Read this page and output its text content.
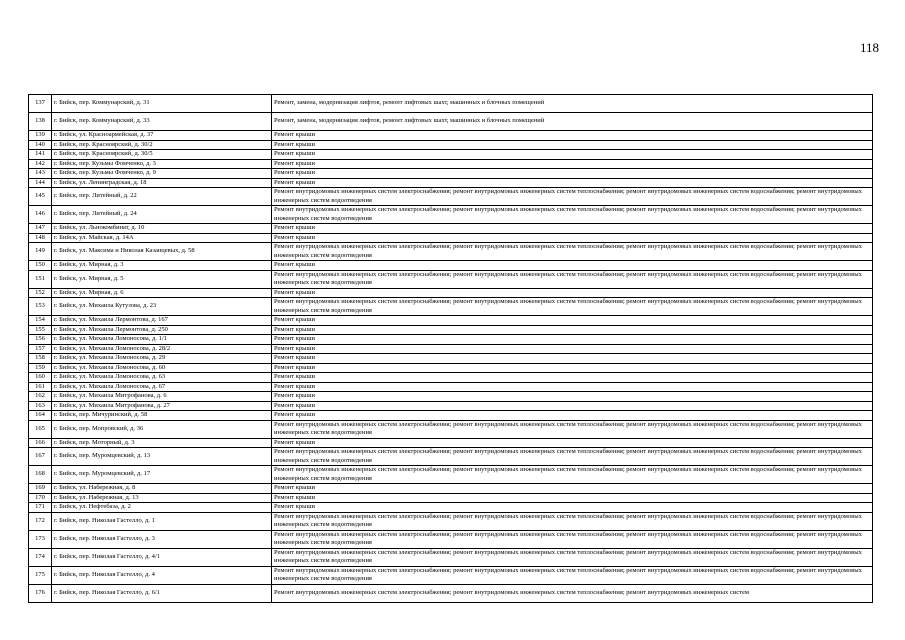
118
137	г. Бийск, пер. Коммунарский, д. 31	Ремонт, замена, модернизация лифтов, ремонт лифтовых шахт, машинных и блочных помещений
138	г. Бийск, пер. Коммунарский, д. 33	Ремонт, замена, модернизация лифтов, ремонт лифтовых шахт, машинных и блочных помещений
139	г. Бийск, ул. Красноармейская, д. 37	Ремонт крыши
140	г. Бийск, пер. Красноярский, д. 30/2	Ремонт крыши
141	г. Бийск, пер. Красноярский, д. 30/5	Ремонт крыши
142	г. Бийск, пер. Кузьмы Фомченко, д. 3	Ремонт крыши
143	г. Бийск, пер. Кузьмы Фомченко, д. 9	Ремонт крыши
144	г. Бийск, ул. Ленинградская, д. 18	Ремонт крыши
145	г. Бийск, пер. Литейный, д. 22	Ремонт внутридомовых инженерных систем электроснабжения; ремонт внутридомовых инженерных систем теплоснабжения; ремонт внутридомовых инженерных систем водоснабжения; ремонт внутридомовых инженерных систем водоотведения
146	г. Бийск, пер. Литейный, д. 24	Ремонт внутридомовых инженерных систем электроснабжения; ремонт внутридомовых инженерных систем теплоснабжения; ремонт внутридомовых инженерных систем водоснабжения; ремонт внутридомовых инженерных систем водоотведения
147	г. Бийск, ул. Льнокомбинат, д. 10	Ремонт крыши
148	г. Бийск, ул. Майская, д. 14А	Ремонт крыши
149	г. Бийск, ул. Максима и Николая Казанцевых, д. 58	Ремонт внутридомовых инженерных систем электроснабжения; ремонт внутридомовых инженерных систем теплоснабжения; ремонт внутридомовых инженерных систем водоснабжения; ремонт внутридомовых инженерных систем водоотведения
150	г. Бийск, ул. Мирная, д. 3	Ремонт крыши
151	г. Бийск, ул. Мирная, д. 5	Ремонт внутридомовых инженерных систем электроснабжения; ремонт внутридомовых инженерных систем теплоснабжения; ремонт внутридомовых инженерных систем водоснабжения; ремонт внутридомовых инженерных систем водоотведения
152	г. Бийск, ул. Мирная, д. 6	Ремонт крыши
153	г. Бийск, ул. Михаила Кутузова, д. 23	Ремонт внутридомовых инженерных систем электроснабжения; ремонт внутридомовых инженерных систем теплоснабжения; ремонт внутридомовых инженерных систем водоснабжения; ремонт внутридомовых инженерных систем водоотведения
154	г. Бийск, ул. Михаила Лермонтова, д. 167	Ремонт крыши
155	г. Бийск, ул. Михаила Лермонтова, д. 250	Ремонт крыши
156	г. Бийск, ул. Михаила Ломоносова, д. 1/1	Ремонт крыши
157	г. Бийск, ул. Михаила Ломоносова, д. 28/2	Ремонт крыши
158	г. Бийск, ул. Михаила Ломоносова, д. 29	Ремонт крыши
159	г. Бийск, ул. Михаила Ломоносова, д. 60	Ремонт крыши
160	г. Бийск, ул. Михаила Ломоносова, д. 63	Ремонт крыши
161	г. Бийск, ул. Михаила Ломоносова, д. 67	Ремонт крыши
162	г. Бийск, ул. Михаила Митрофанова, д. 6	Ремонт крыши
163	г. Бийск, ул. Михаила Митрофанова, д. 27	Ремонт крыши
164	г. Бийск, пер. Мичуринский, д. 58	Ремонт крыши
165	г. Бийск, пер. Мопровский, д. 36	Ремонт внутридомовых инженерных систем электроснабжения; ремонт внутридомовых инженерных систем теплоснабжения; ремонт внутридомовых инженерных систем водоснабжения; ремонт внутридомовых инженерных систем водоотведения
166	г. Бийск, пер. Моторный, д. 3	Ремонт крыши
167	г. Бийск, пер. Муромцевский, д. 13	Ремонт внутридомовых инженерных систем электроснабжения; ремонт внутридомовых инженерных систем теплоснабжения; ремонт внутридомовых инженерных систем водоснабжения; ремонт внутридомовых инженерных систем водоотведения
168	г. Бийск, пер. Муромцевский, д. 17	Ремонт внутридомовых инженерных систем электроснабжения; ремонт внутридомовых инженерных систем теплоснабжения; ремонт внутридомовых инженерных систем водоснабжения; ремонт внутридомовых инженерных систем водоотведения
169	г. Бийск, ул. Набережная, д. 8	Ремонт крыши
170	г. Бийск, ул. Набережная, д. 13	Ремонт крыши
171	г. Бийск, ул. Нефтебаза, д. 2	Ремонт крыши
172	г. Бийск, пер. Николая Гастелло, д. 1	Ремонт внутридомовых инженерных систем электроснабжения; ремонт внутридомовых инженерных систем теплоснабжения; ремонт внутридомовых инженерных систем водоснабжения; ремонт внутридомовых инженерных систем водоотведения
173	г. Бийск, пер. Николая Гастелло, д. 3	Ремонт внутридомовых инженерных систем электроснабжения; ремонт внутридомовых инженерных систем теплоснабжения; ремонт внутридомовых инженерных систем водоснабжения; ремонт внутридомовых инженерных систем водоотведения
174	г. Бийск, пер. Николая Гастелло, д. 4/1	Ремонт внутридомовых инженерных систем электроснабжения; ремонт внутридомовых инженерных систем теплоснабжения; ремонт внутридомовых инженерных систем водоснабжения; ремонт внутридомовых инженерных систем водоотведения
175	г. Бийск, пер. Николая Гастелло, д. 4	Ремонт внутридомовых инженерных систем электроснабжения; ремонт внутридомовых инженерных систем теплоснабжения; ремонт внутридомовых инженерных систем водоснабжения; ремонт внутридомовых инженерных систем водоотведения
176	г. Бийск, пер. Николая Гастелло, д. 6/1	Ремонт внутридомовых инженерных систем электроснабжения; ремонт внутридомовых инженерных систем теплоснабжения; ремонт внутридомовых инженерных систем
